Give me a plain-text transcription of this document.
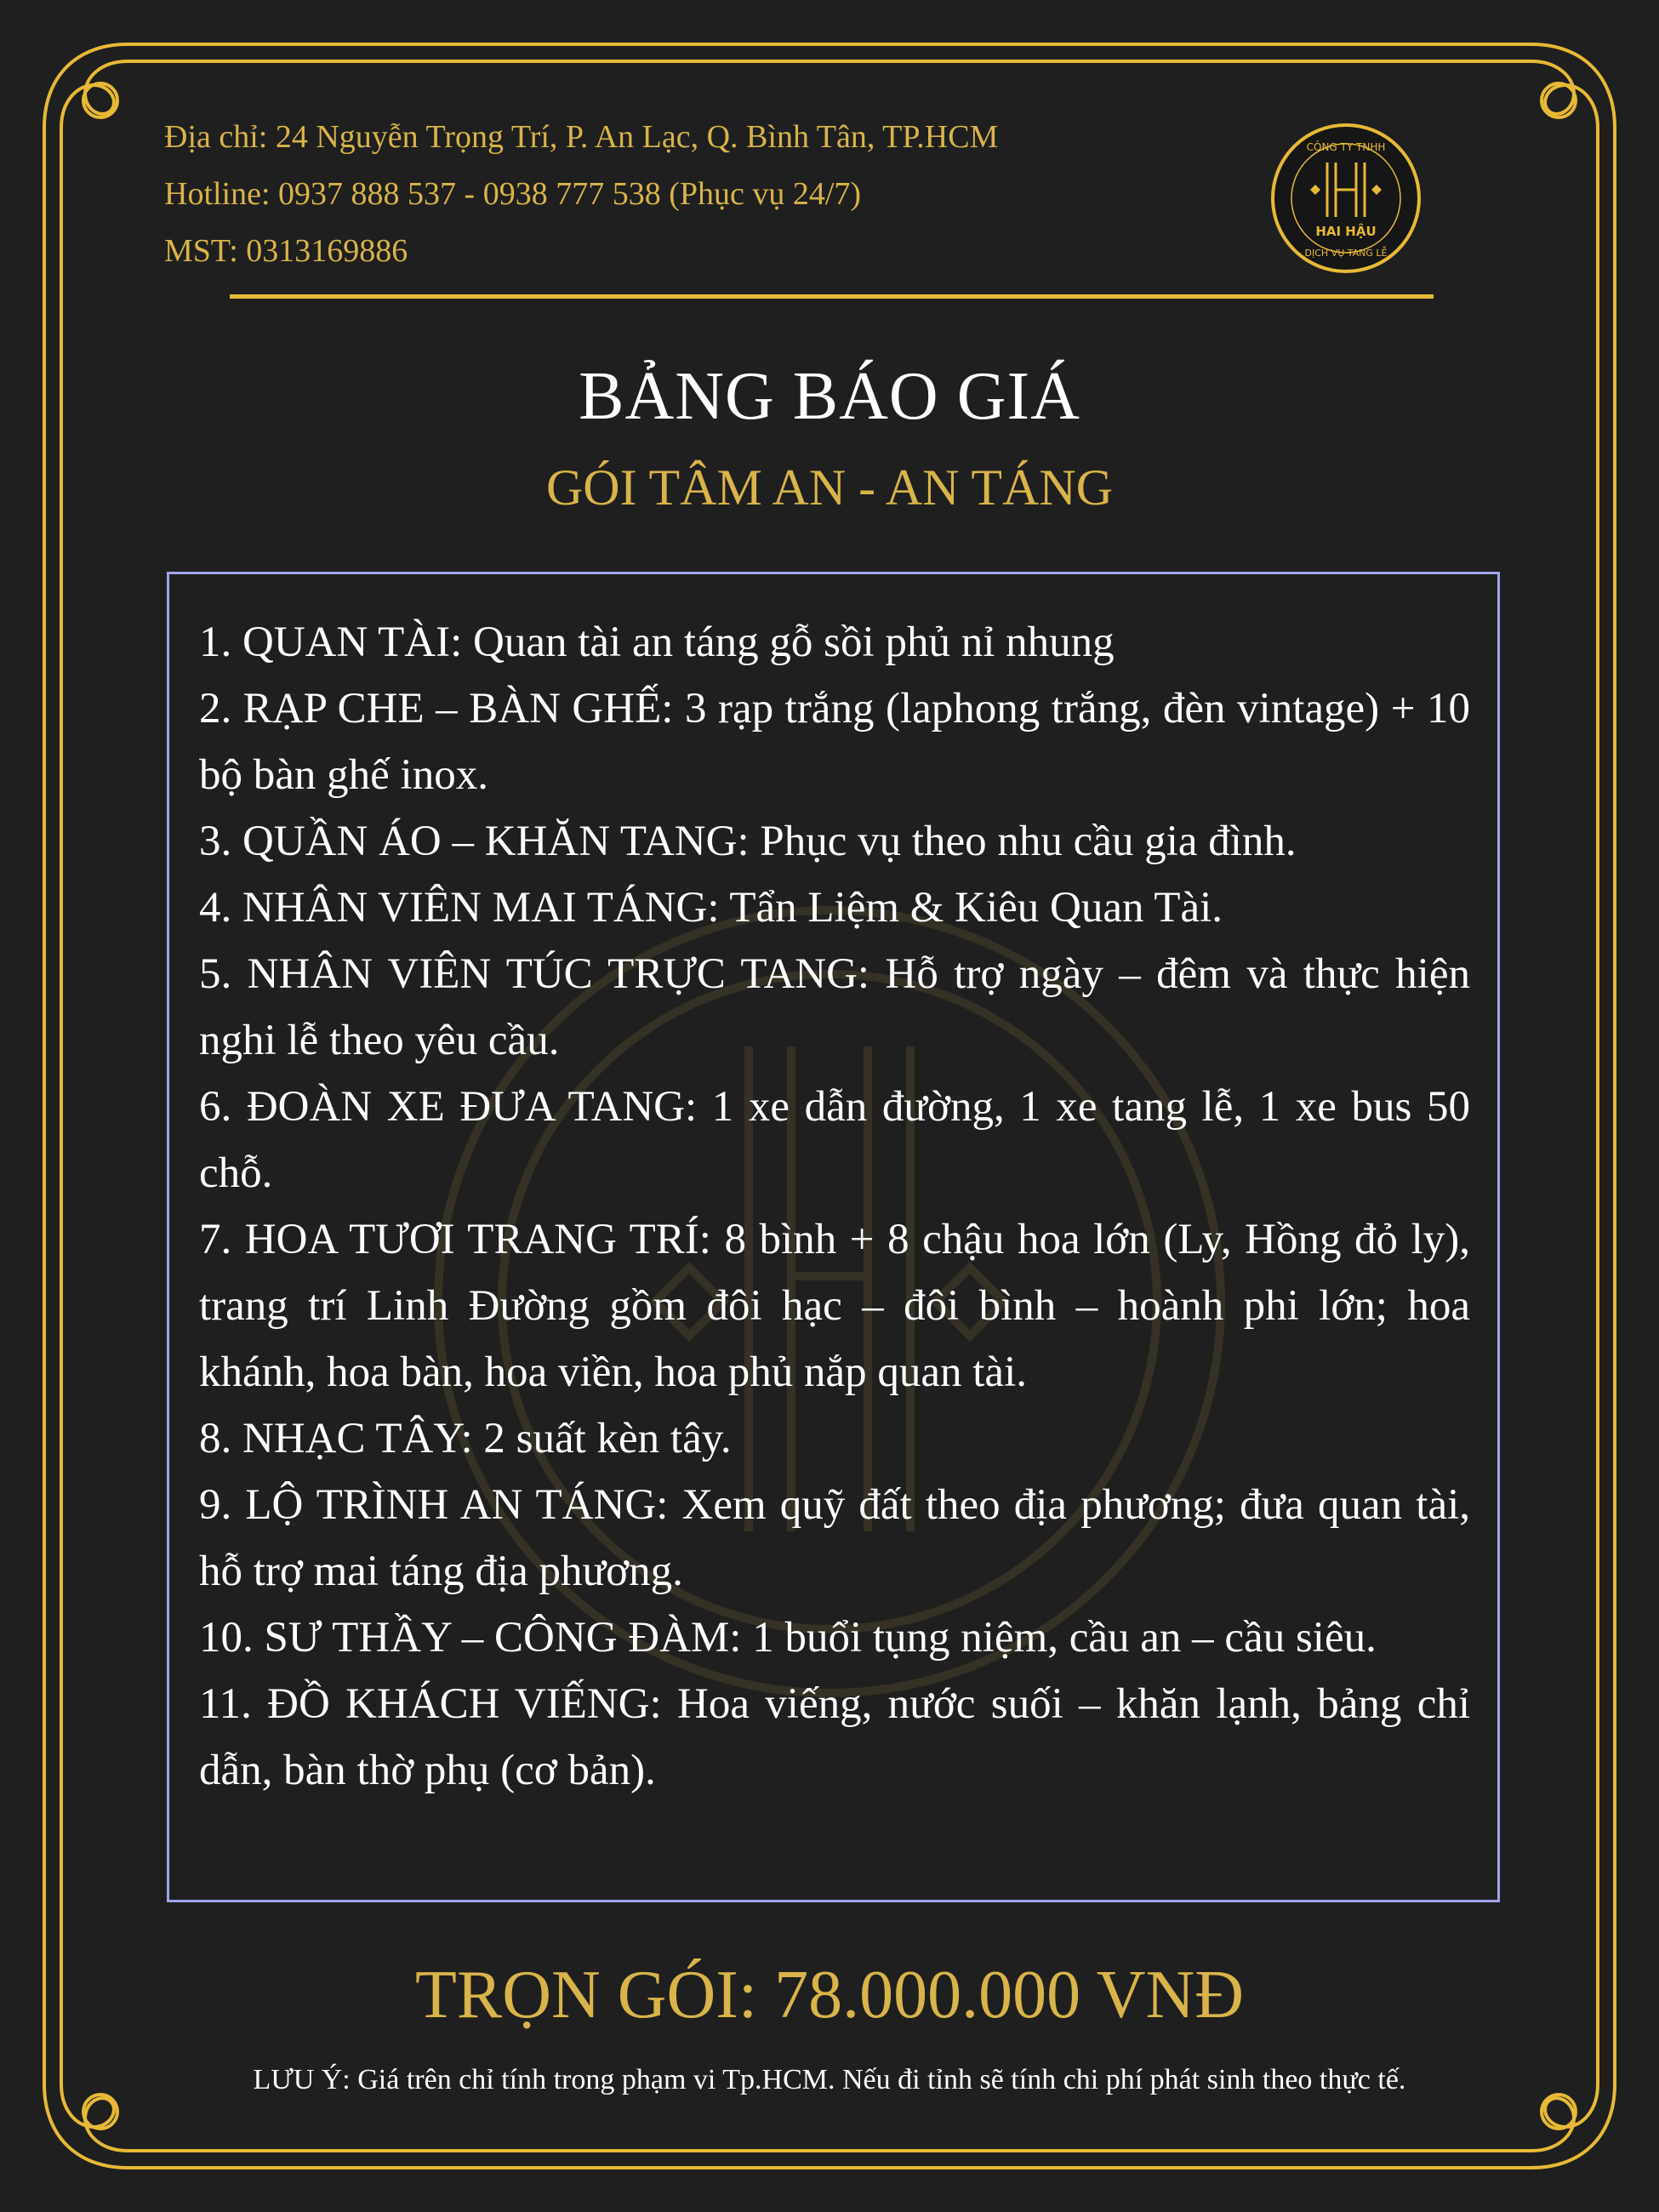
Địa chỉ: 24 Nguyễn Trọng Trí, P. An Lạc, Q. Bình Tân, TP.HCM
Hotline: 0937 888 537 - 0938 777 538 (Phục vụ 24/7)
MST: 0313169886
CÔNG TY TNHH
HAI HẬU
DỊCH VỤ TANG LỄ
BẢNG BÁO GIÁ
GÓI TÂM AN - AN TÁNG

1. QUAN TÀI: Quan tài an táng gỗ sồi phủ nỉ nhung

2. RẠP CHE – BÀN GHẾ: 3 rạp trắng (laphong trắng, đèn vintage) + 10 bộ bàn ghế inox.

3. QUẦN ÁO – KHĂN TANG: Phục vụ theo nhu cầu gia đình.

4. NHÂN VIÊN MAI TÁNG: Tẩn Liệm & Kiêu Quan Tài.

5. NHÂN VIÊN TÚC TRỰC TANG: Hỗ trợ ngày – đêm và thực hiện nghi lễ theo yêu cầu.

6. ĐOÀN XE ĐƯA TANG: 1 xe dẫn đường, 1 xe tang lễ, 1 xe bus 50 chỗ.

7. HOA TƯƠI TRANG TRÍ: 8 bình + 8 chậu hoa lớn (Ly, Hồng đỏ ly), trang trí Linh Đường gồm đôi hạc – đôi bình – hoành phi lớn; hoa khánh, hoa bàn, hoa viền, hoa phủ nắp quan tài.

8. NHẠC TÂY: 2 suất kèn tây.

9. LỘ TRÌNH AN TÁNG: Xem quỹ đất theo địa phương; đưa quan tài, hỗ trợ mai táng địa phương.

10. SƯ THẦY – CÔNG ĐÀM: 1 buổi tụng niệm, cầu an – cầu siêu.

11. ĐỒ KHÁCH VIẾNG: Hoa viếng, nước suối – khăn lạnh, bảng chỉ dẫn, bàn thờ phụ (cơ bản).

TRỌN GÓI: 78.000.000 VNĐ
LƯU Ý: Giá trên chỉ tính trong phạm vi Tp.HCM. Nếu đi tỉnh sẽ tính chi phí phát sinh theo thực tế.
